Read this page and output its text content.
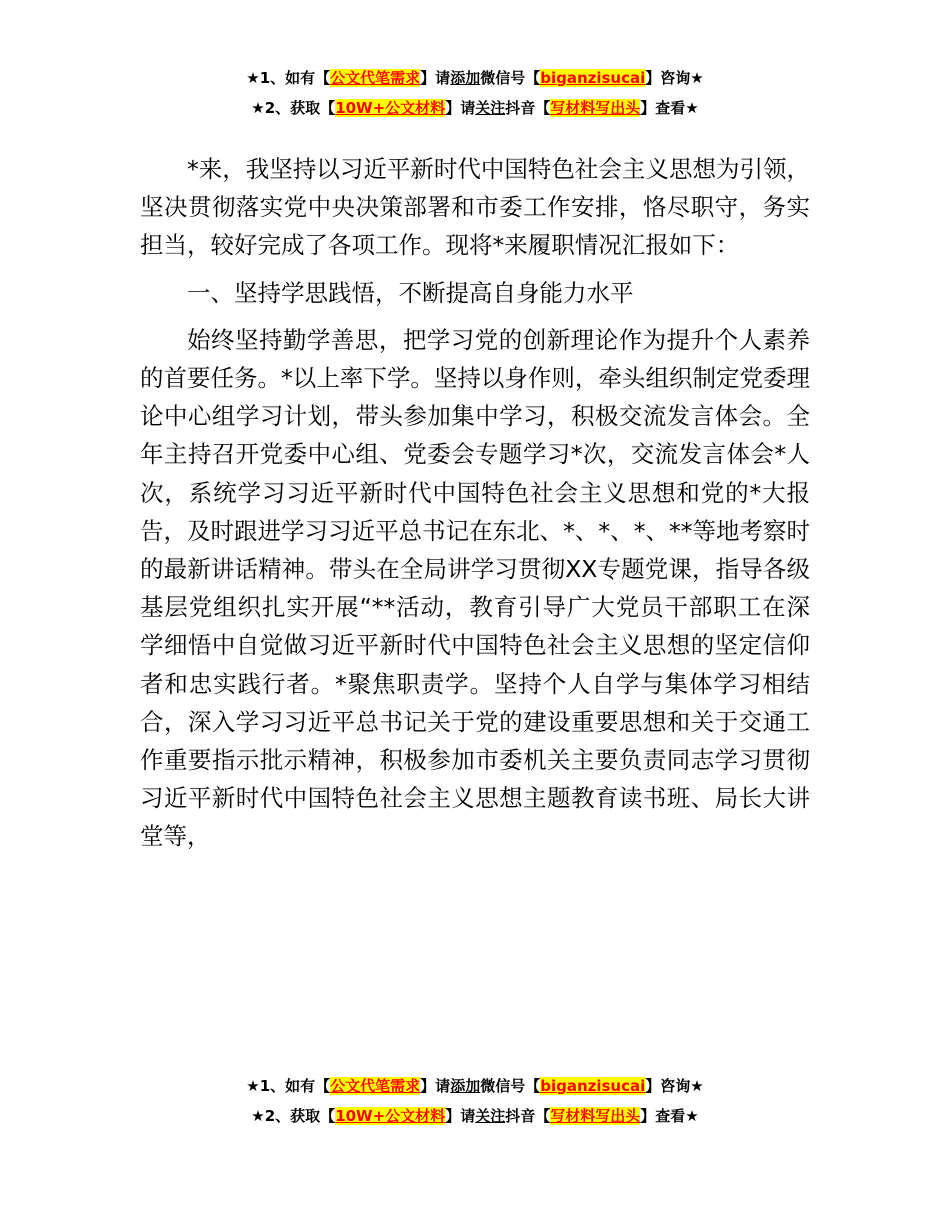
★1、如有【公文代笔需求】请添加微信号【biganzisucai】咨询★
★2、获取【10W+公文材料】请关注抖音【写材料写出头】查看★

*来，我坚持以习近平新时代中国特色社会主义思想为引领，坚决贯彻落实党中央决策部署和市委工作安排，恪尽职守，务实担当，较好完成了各项工作。现将*来履职情况汇报如下：

一、坚持学思践悟，不断提高自身能力水平

始终坚持勤学善思，把学习党的创新理论作为提升个人素养的首要任务。*以上率下学。坚持以身作则，牵头组织制定党委理论中心组学习计划，带头参加集中学习，积极交流发言体会。全年主持召开党委中心组、党委会专题学习*次，交流发言体会*人次，系统学习习近平新时代中国特色社会主义思想和党的*大报告，及时跟进学习习近平总书记在东北、*、*、*、**等地考察时的最新讲话精神。带头在全局讲学习贯彻XX专题党课，指导各级基层党组织扎实开展“**活动，教育引导广大党员干部职工在深学细悟中自觉做习近平新时代中国特色社会主义思想的坚定信仰者和忠实践行者。*聚焦职责学。坚持个人自学与集体学习相结合，深入学习习近平总书记关于党的建设重要思想和关于交通工作重要指示批示精神，积极参加市委机关主要负责同志学习贯彻习近平新时代中国特色社会主义思想主题教育读书班、局长大讲堂等，

★1、如有【公文代笔需求】请添加微信号【biganzisucai】咨询★
★2、获取【10W+公文材料】请关注抖音【写材料写出头】查看★
